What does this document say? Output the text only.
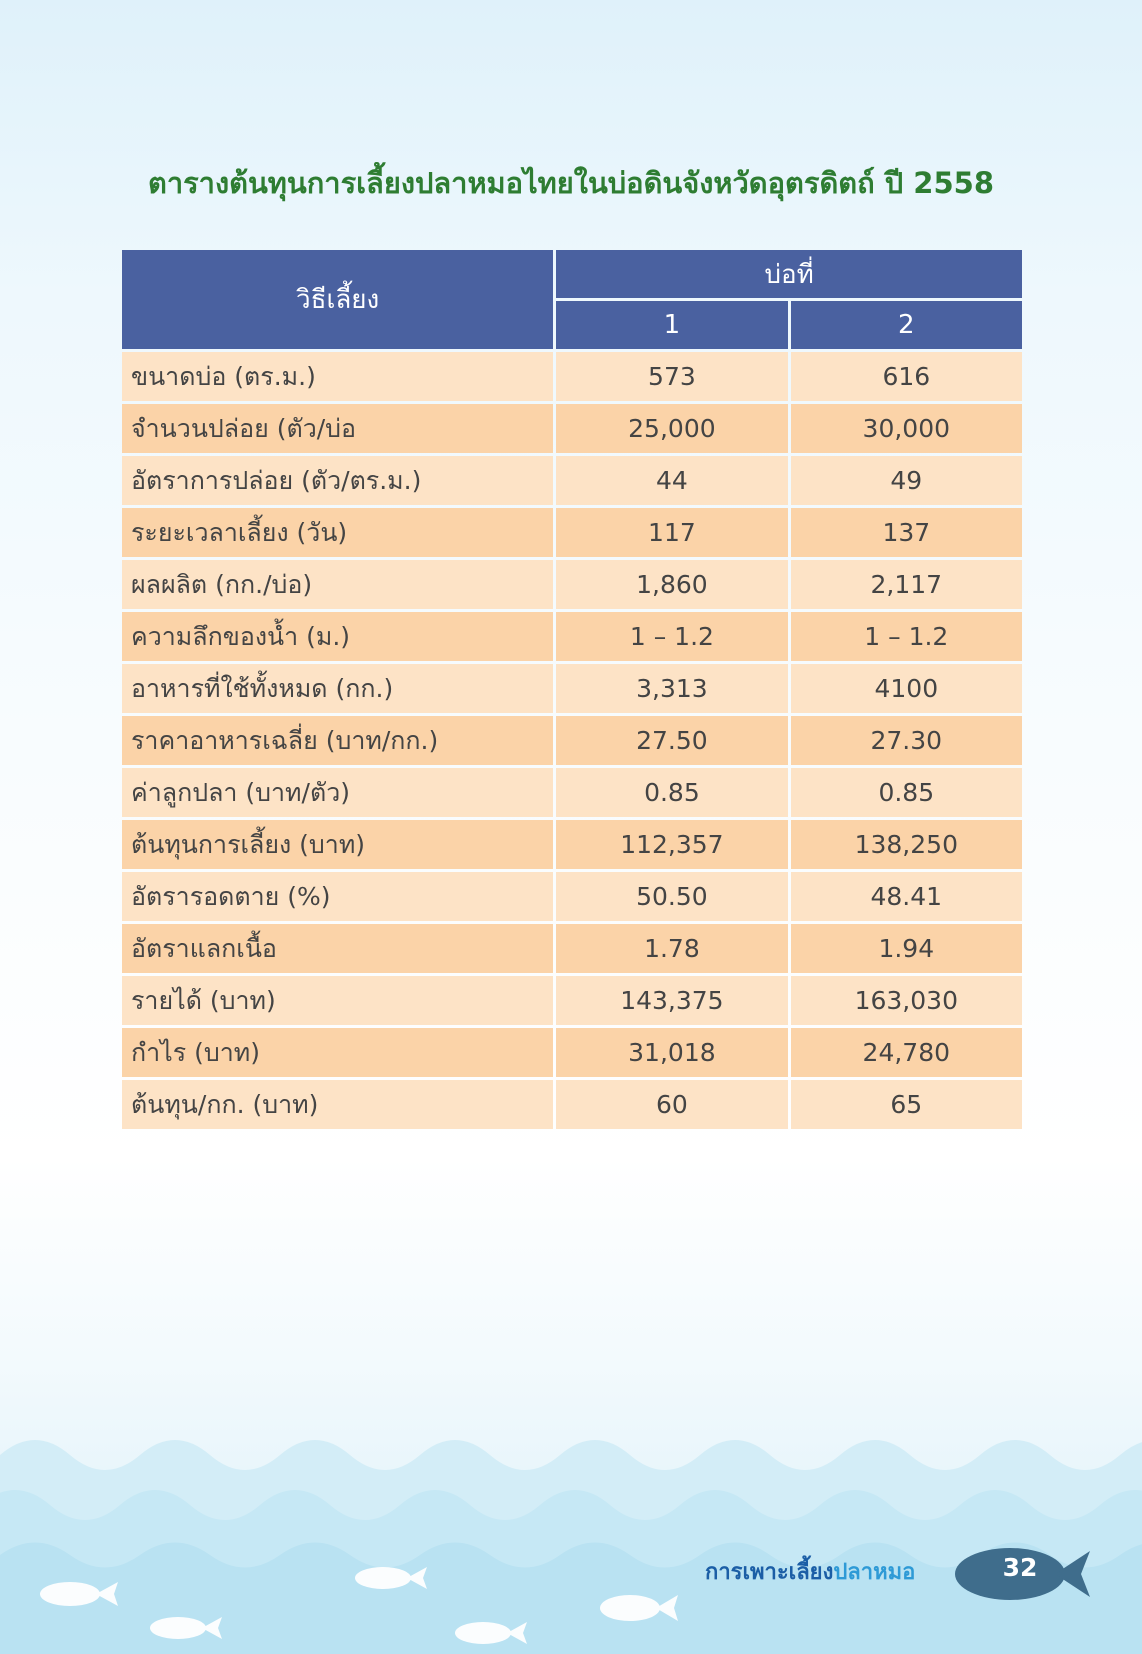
ตารางต้นทุนการเลี้ยงปลาหมอไทยในบ่อดินจังหวัดอุตรดิตถ์ ปี 2558
วิธีเลี้ยง	บ่อที่	
	1	2
ขนาดบ่อ (ตร.ม.)	573	616
จำนวนปล่อย (ตัว/บ่อ	25,000	30,000
อัตราการปล่อย (ตัว/ตร.ม.)	44	49
ระยะเวลาเลี้ยง (วัน)	117	137
ผลผลิต (กก./บ่อ)	1,860	2,117
ความลึกของน้ำ (ม.)	1 – 1.2	1 – 1.2
อาหารที่ใช้ทั้งหมด (กก.)	3,313	4100
ราคาอาหารเฉลี่ย (บาท/กก.)	27.50	27.30
ค่าลูกปลา (บาท/ตัว)	0.85	0.85
ต้นทุนการเลี้ยง (บาท)	112,357	138,250
อัตรารอดตาย (%)	50.50	48.41
อัตราแลกเนื้อ	1.78	1.94
รายได้ (บาท)	143,375	163,030
กำไร (บาท)	31,018	24,780
ต้นทุน/กก. (บาท)	60	65
การเพาะเลี้ยงปลาหมอ	32
